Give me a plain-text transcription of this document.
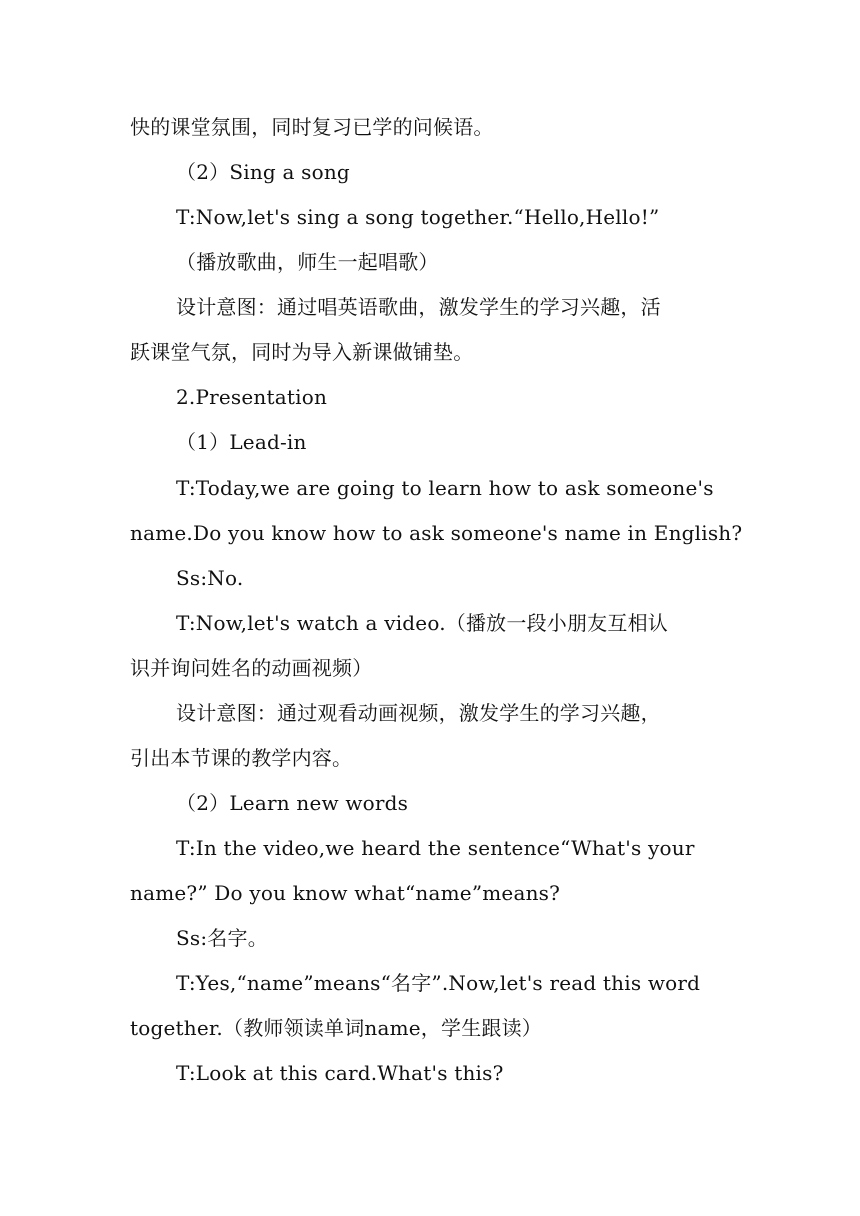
快的课堂氛围，同时复习已学的问候语。
（2）Sing a song
T:Now,let's sing a song together.“Hello,Hello!”
（播放歌曲，师生一起唱歌）
设计意图：通过唱英语歌曲，激发学生的学习兴趣，活
跃课堂气氛，同时为导入新课做铺垫。
2.Presentation
（1）Lead-in
T:Today,we are going to learn how to ask someone's
name.Do you know how to ask someone's name in English?
Ss:No.
T:Now,let's watch a video.（播放一段小朋友互相认
识并询问姓名的动画视频）
设计意图：通过观看动画视频，激发学生的学习兴趣，
引出本节课的教学内容。
（2）Learn new words
T:In the video,we heard the sentence“What's your
name?” Do you know what“name”means?
Ss:名字。
T:Yes,“name”means“名字”.Now,let's read this word
together.（教师领读单词name，学生跟读）
T:Look at this card.What's this?
